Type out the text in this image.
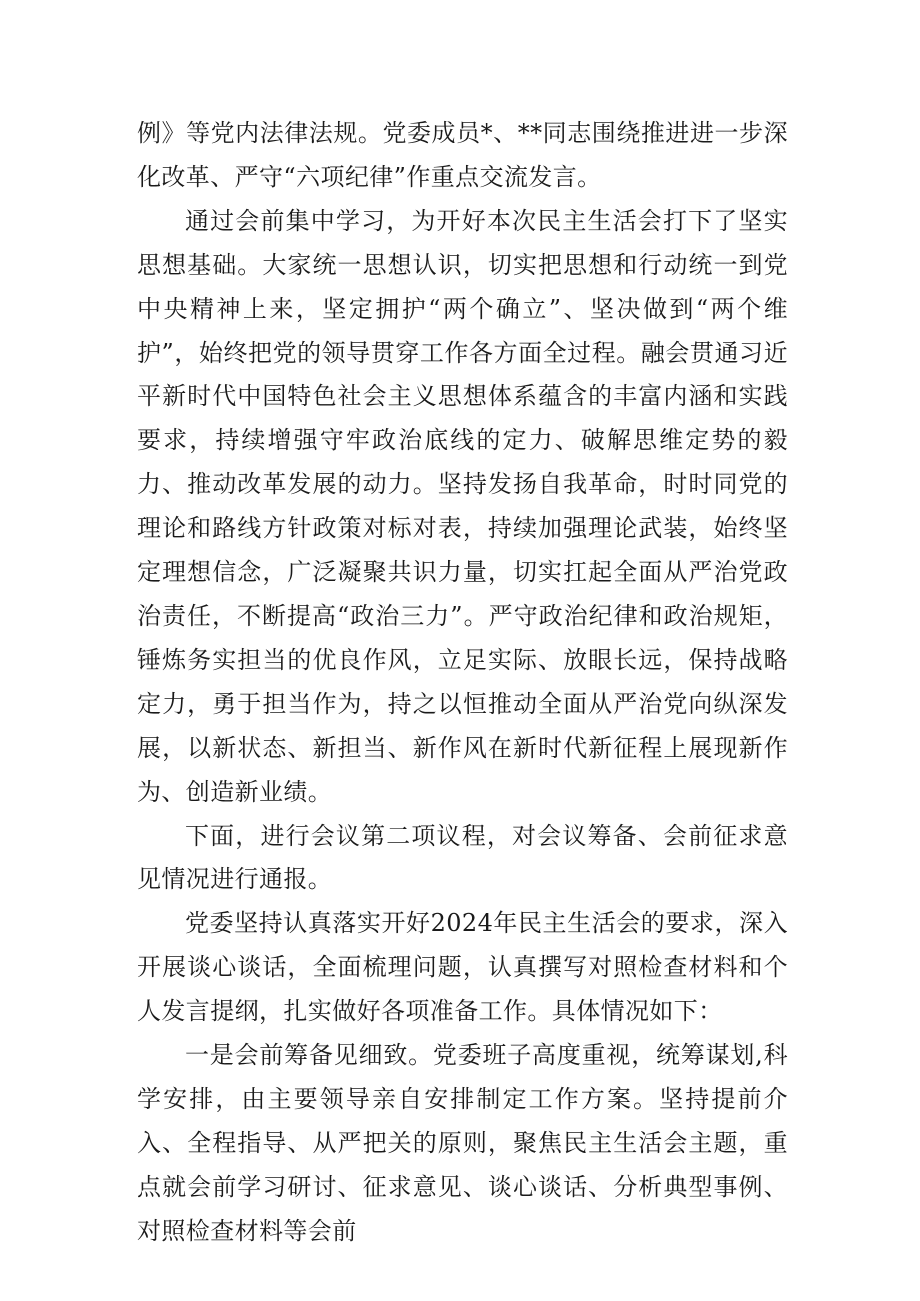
例》等党内法律法规。党委成员*、**同志围绕推进进一步深化改革、严守“六项纪律”作重点交流发言。

通过会前集中学习，为开好本次民主生活会打下了坚实思想基础。大家统一思想认识，切实把思想和行动统一到党中央精神上来，坚定拥护“两个确立”、坚决做到“两个维护”，始终把党的领导贯穿工作各方面全过程。融会贯通习近平新时代中国特色社会主义思想体系蕴含的丰富内涵和实践要求，持续增强守牢政治底线的定力、破解思维定势的毅力、推动改革发展的动力。坚持发扬自我革命，时时同党的理论和路线方针政策对标对表，持续加强理论武装，始终坚定理想信念，广泛凝聚共识力量，切实扛起全面从严治党政治责任，不断提高“政治三力”。严守政治纪律和政治规矩，锤炼务实担当的优良作风，立足实际、放眼长远，保持战略定力，勇于担当作为，持之以恒推动全面从严治党向纵深发展，以新状态、新担当、新作风在新时代新征程上展现新作为、创造新业绩。

下面，进行会议第二项议程，对会议筹备、会前征求意见情况进行通报。

党委坚持认真落实开好2024年民主生活会的要求，深入开展谈心谈话，全面梳理问题，认真撰写对照检查材料和个人发言提纲，扎实做好各项准备工作。具体情况如下：

一是会前筹备见细致。党委班子高度重视，统筹谋划,科学安排，由主要领导亲自安排制定工作方案。坚持提前介入、全程指导、从严把关的原则，聚焦民主生活会主题，重点就会前学习研讨、征求意见、谈心谈话、分析典型事例、对照检查材料等会前
